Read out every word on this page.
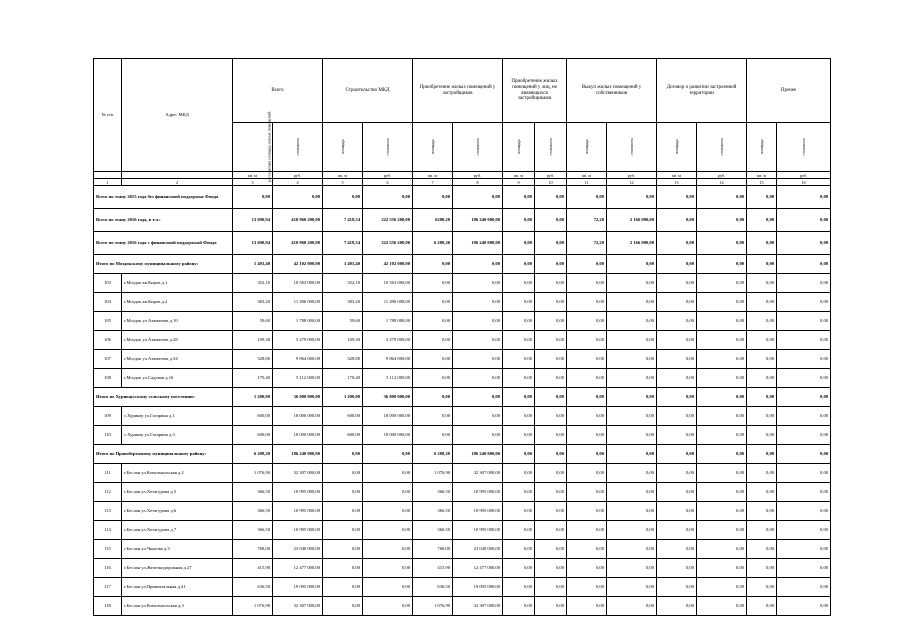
№ п/п	Адрес МКД	Всего		Строительство МКД		Приобретение жилых помещений у застройщиков		Приобретение жилых помещений у лиц, не являющихся застройщиками		Выкуп жилых помещений у собственников		Договор о развитии застроенной территории		Прочее	
		расселяемая площадь жилых помещений	стоимость	площадь	стоимость	площадь	стоимость	площадь	стоимость	площадь	стоимость	площадь	стоимость	площадь	стоимость
		кв. м	руб.	кв. м	руб.	кв. м	руб.	кв. м	руб.	кв. м	руб.	кв. м	руб.	кв. м	руб.
1	2	3	4	5	6	7	8	9	10	11	12	13	14	15	16
Всего по этапу 2015 года без финансовой поддержки Фонда		0,00	0,00	0,00	0,00	0,00	0,00	0,00	0,00	0,00	0,00	0,00	0,00	0,00	0,00
Всего по этапу 2016 года, в т.ч.:		13 690,94	410 960 200,00	7 418,54	222 556 200,00	6200,20	186 240 000,00	0,00	0,00	72,20	2 166 000,00	0,00	0,00	0,00	0,00
Всего по этапу 2016 года с финансовой поддержкой Фонда		13 690,94	410 960 200,00	7 418,54	222 556 200,00	6 208,20	186 240 000,00	0,00	0,00	72,20	2 166 000,00	0,00	0,00	0,00	0,00
Итого по Моздокскому муниципальному району:		1 403,40	42 102 000,00	1 403,40	42 102 000,00	0,00	0,00	0,00	0,00	0,00	0,00	0,00	0,00	0,00	0,00
103	г.Моздок кв.Киров д.1	352,10	10 563 000,00	352,10	10 563 000,00	0,00	0,00	0,00	0,00	0,00	0,00	0,00	0,00	0,00	0,00
104	г.Моздок кв.Киров д.2	383,20	11 496 000,00	383,20	11 496 000,00	0,00	0,00	0,00	0,00	0,00	0,00	0,00	0,00	0,00	0,00
105	г.Моздок ул.Азаматова д.10	59,60	1 788 000,00	59,60	1 788 000,00	0,00	0,00	0,00	0,00	0,00	0,00	0,00	0,00	0,00	0,00
106	г.Моздок ул.Азаматова д.28	109,30	3 279 000,00	109,30	3 279 000,00	0,00	0,00	0,00	0,00	0,00	0,00	0,00	0,00	0,00	0,00
107	г.Моздок ул.Азаматова д.34	328,80	9 864 000,00	328,80	9 864 000,00	0,00	0,00	0,00	0,00	0,00	0,00	0,00	0,00	0,00	0,00
108	г.Моздок ул.Садовая д.16	170,40	5 112 000,00	170,40	5 112 000,00	0,00	0,00	0,00	0,00	0,00	0,00	0,00	0,00	0,00	0,00
Итого по Хурикаусскому сельскому поселению:		1 200,00	36 000 000,00	1 200,00	36 000 000,00	0,00	0,00	0,00	0,00	0,00	0,00	0,00	0,00	0,00	0,00
109	с.Хурикау ул.Гагарина д.1	600,00	18 000 000,00	600,00	18 000 000,00	0,00	0,00	0,00	0,00	0,00	0,00	0,00	0,00	0,00	0,00
110	с.Хурикау ул.Гагарина д.3	600,00	18 000 000,00	600,00	18 000 000,00	0,00	0,00	0,00	0,00	0,00	0,00	0,00	0,00	0,00	0,00
Итого по Правобережному муниципальному району:		6 208,20	186 240 000,00	0,00	0,00	6 208,20	186 240 000,00	0,00	0,00	0,00	0,00	0,00	0,00	0,00	0,00
111	г.Беслан ул.Комсомольская д.2	1 076,90	32 307 000,00	0,00	0,00	1 076,90	32 307 000,00	0,00	0,00	0,00	0,00	0,00	0,00	0,00	0,00
112	г.Беслан ул.Хетагурова д.5	366,50	10 995 000,00	0,00	0,00	366,50	10 995 000,00	0,00	0,00	0,00	0,00	0,00	0,00	0,00	0,00
113	г.Беслан ул.Хетагурова д.6	366,50	10 995 000,00	0,00	0,00	366,50	10 995 000,00	0,00	0,00	0,00	0,00	0,00	0,00	0,00	0,00
114	г.Беслан ул.Хетагурова д.7	366,50	10 995 000,00	0,00	0,00	366,50	10 995 000,00	0,00	0,00	0,00	0,00	0,00	0,00	0,00	0,00
115	г.Беслан ул.Чкалова д.3	768,00	23 040 000,00	0,00	0,00	768,00	23 040 000,00	0,00	0,00	0,00	0,00	0,00	0,00	0,00	0,00
116	г.Беслан ул.Железнодорожная д.27	415,90	12 477 000,00	0,00	0,00	415,90	12 477 000,00	0,00	0,00	0,00	0,00	0,00	0,00	0,00	0,00
117	г.Беслан ул.Привокзальная д.41	636,50	19 095 000,00	0,00	0,00	636,50	19 095 000,00	0,00	0,00	0,00	0,00	0,00	0,00	0,00	0,00
118	г.Беслан ул.Комсомольская д.3	1 076,90	32 307 000,00	0,00	0,00	1 076,90	32 307 000,00	0,00	0,00	0,00	0,00	0,00	0,00	0,00	0,00
